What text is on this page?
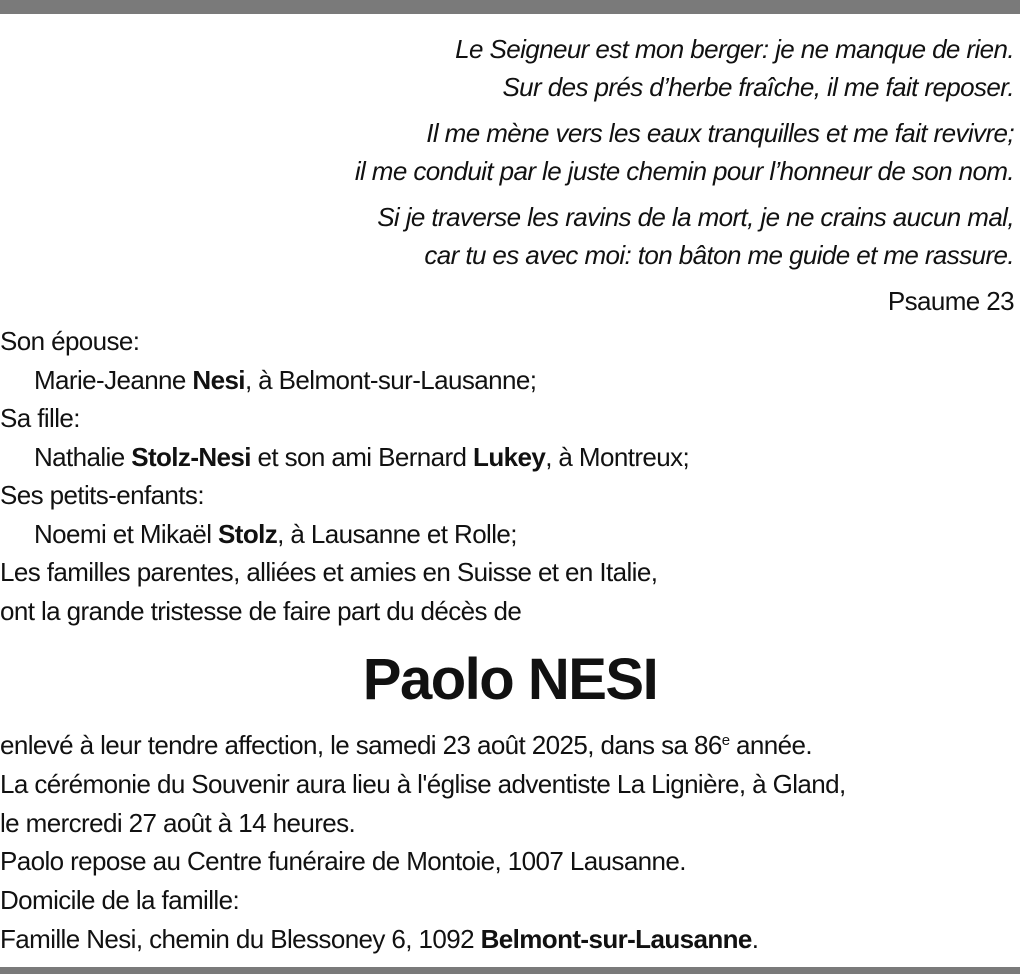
Le Seigneur est mon berger: je ne manque de rien.
Sur des prés d’herbe fraîche, il me fait reposer.
Il me mène vers les eaux tranquilles et me fait revivre;
il me conduit par le juste chemin pour l’honneur de son nom.
Si je traverse les ravins de la mort, je ne crains aucun mal,
car tu es avec moi: ton bâton me guide et me rassure.
Psaume 23
Son épouse:
Marie-Jeanne Nesi, à Belmont-sur-Lausanne;
Sa fille:
Nathalie Stolz-Nesi et son ami Bernard Lukey, à Montreux;
Ses petits-enfants:
Noemi et Mikaël Stolz, à Lausanne et Rolle;
Les familles parentes, alliées et amies en Suisse et en Italie,
ont la grande tristesse de faire part du décès de
Paolo NESI
enlevé à leur tendre affection, le samedi 23 août 2025, dans sa 86e année.
La cérémonie du Souvenir aura lieu à l'église adventiste La Lignière, à Gland,
le mercredi 27 août à 14 heures.
Paolo repose au Centre funéraire de Montoie, 1007 Lausanne.
Domicile de la famille:
Famille Nesi, chemin du Blessoney 6, 1092 Belmont-sur-Lausanne.
